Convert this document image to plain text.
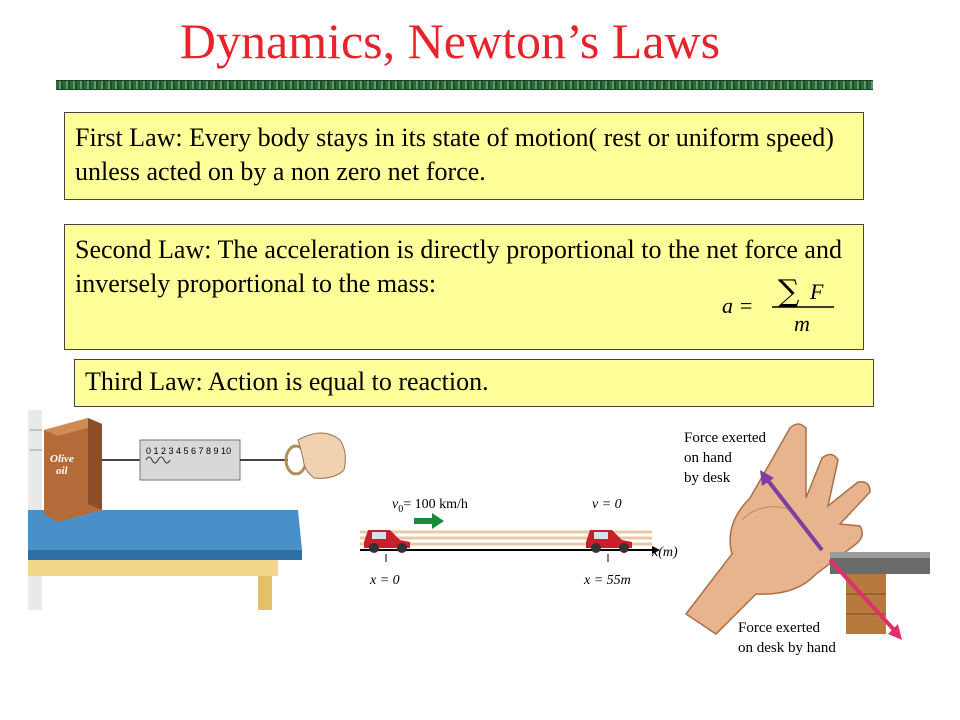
Dynamics, Newton’s Laws
First Law: Every body stays in its state of motion( rest or uniform speed) unless acted on by a non zero net force.
Second Law: The acceleration is directly proportional to the net force and inversely proportional to the mass:
a = ∑ F
m
Third Law: Action is equal to reaction.
Olive
oil
0 1 2 3 4 5 6 7 8 9 10
x(m)
$v_0= 100$ km/h	v = 0
x = 0	x = 55m
Force exerted on hand by desk
Force exerted on desk by hand
